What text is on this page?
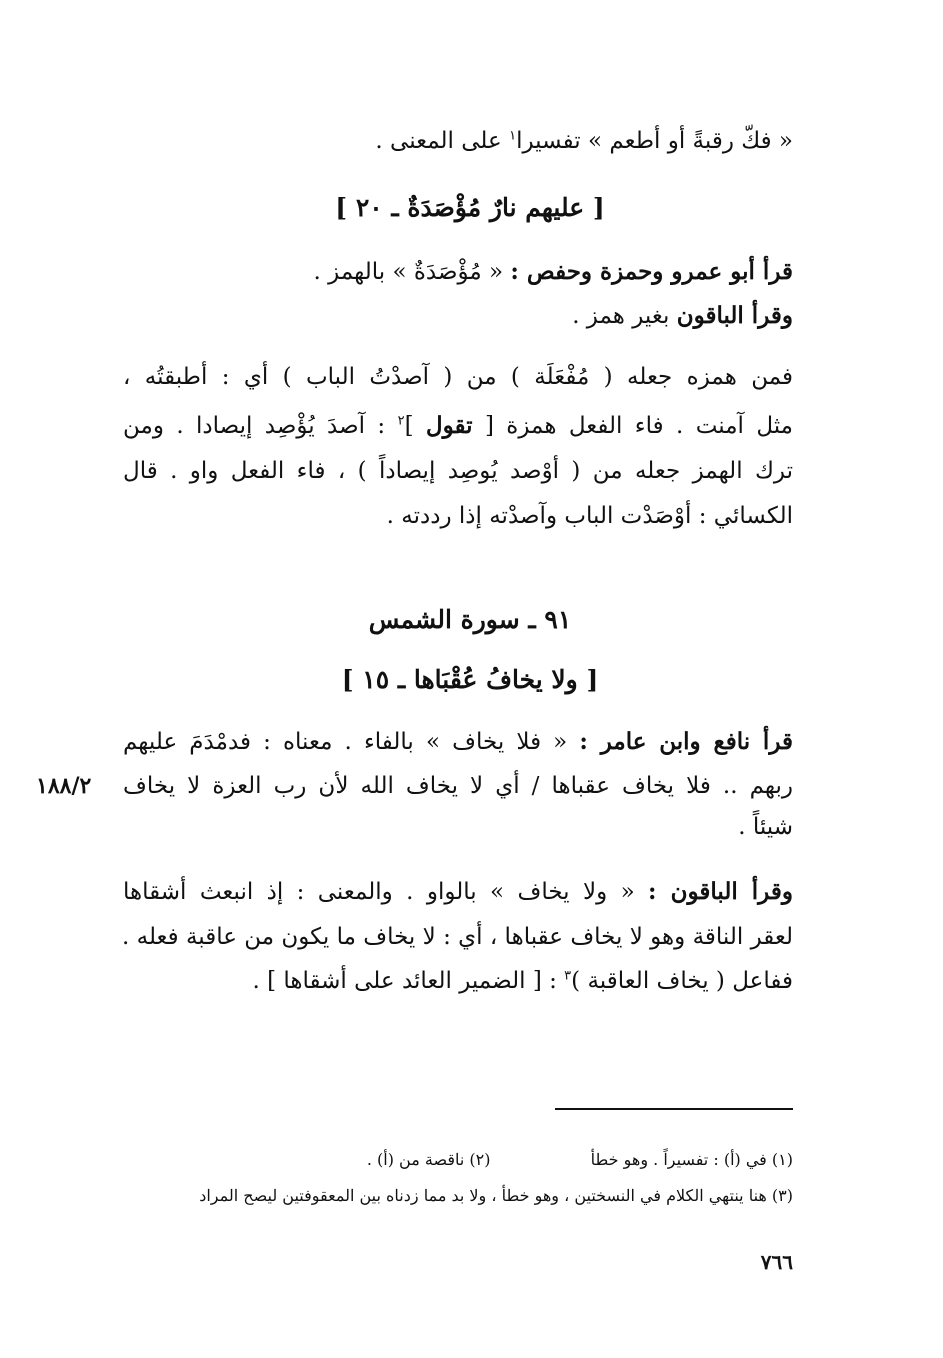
« فكّ رقبةً أو أطعم » تفسيرا$^١$ على المعنى .
[ عليهم نارٌ مُؤْصَدَةٌ ـ ٢٠ ]
قرأ أبو عمرو وحمزة وحفص : « مُؤْصَدَةٌ » بالهمز .
وقرأ الباقون بغير همز .
فمن همزه جعله ( مُفْعَلَة ) من ( آصدْتُ الباب ) أي : أطبقتُه ،
مثل آمنت . فاء الفعل همزة [ تقول ]$^٢$ : آصدَ يُؤْصِد إيصادا . ومن
ترك الهمز جعله من ( أوْصد يُوصِد إيصاداً ) ، فاء الفعل واو . قال
الكسائي : أوْصَدْت الباب وآصدْته إذا رددته .
٩١ ـ سورة الشمس
[ ولا يخافُ عُقْبَاها ـ ١٥ ]
قرأ نافع وابن عامر : « فلا يخاف » بالفاء . معناه : فدمْدَمَ عليهم
ربهم .. فلا يخاف عقباها / أي لا يخاف الله لأن رب العزة لا يخاف
شيئاً .
١٨٨/٢
وقرأ الباقون : « ولا يخاف » بالواو . والمعنى : إذ انبعث أشقاها
لعقر الناقة وهو لا يخاف عقباها ، أي : لا يخاف ما يكون من عاقبة فعله .
ففاعل ( يخاف العاقبة )$^٣$ : [ الضمير العائد على أشقاها ] .
(١) في (أ) : تفسيراً . وهو خطأ  (٢) ناقصة من (أ) .
(٣) هنا ينتهي الكلام في النسختين ، وهو خطأ ، ولا بد مما زدناه بين المعقوفتين ليصح المراد
٧٦٦
